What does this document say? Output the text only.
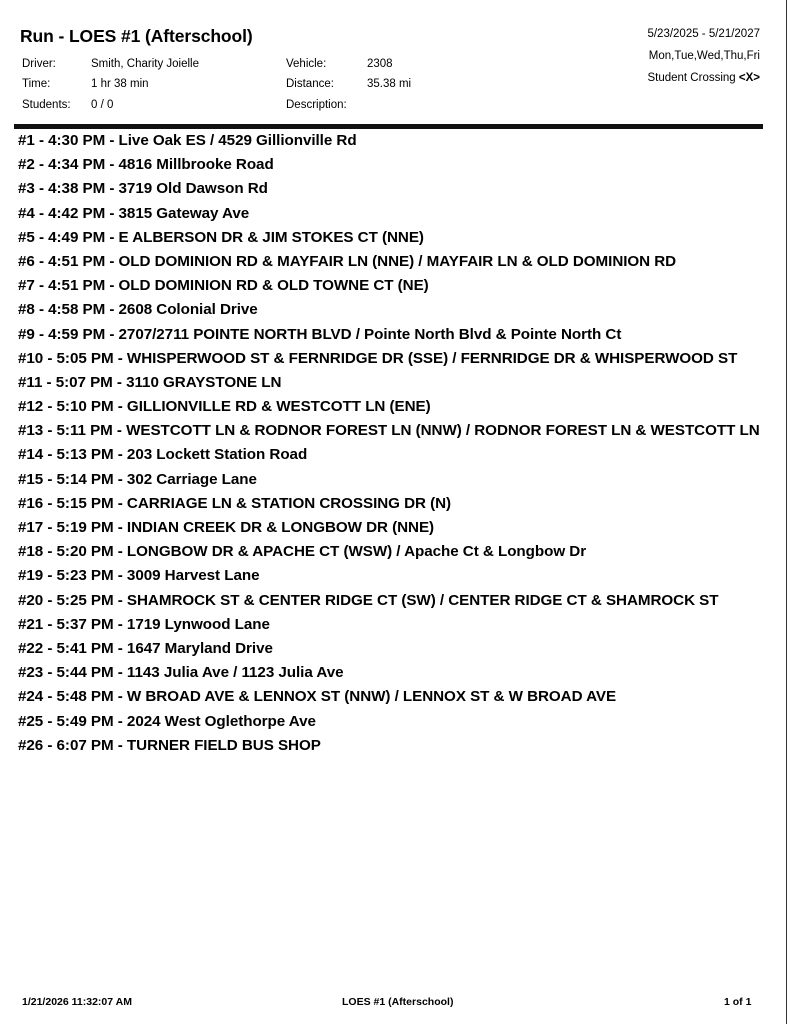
Run - LOES #1 (Afterschool)
Driver:	Smith, Charity Joielle
Time:	1 hr 38 min
Students: 0 / 0
Vehicle:	2308
Distance:	35.38 mi
Description:
5/23/2025 - 5/21/2027
Mon,Tue,Wed,Thu,Fri
Student Crossing <X>
#1 - 4:30 PM - Live Oak ES / 4529 Gillionville Rd
#2 - 4:34 PM - 4816 Millbrooke Road
#3 - 4:38 PM - 3719 Old Dawson Rd
#4 - 4:42 PM - 3815 Gateway Ave
#5 - 4:49 PM - E ALBERSON DR & JIM STOKES CT (NNE)
#6 - 4:51 PM - OLD DOMINION RD & MAYFAIR LN (NNE) / MAYFAIR LN & OLD DOMINION RD
#7 - 4:51 PM - OLD DOMINION RD & OLD TOWNE CT (NE)
#8 - 4:58 PM - 2608 Colonial Drive
#9 - 4:59 PM - 2707/2711 POINTE NORTH BLVD / Pointe North Blvd & Pointe North Ct
#10 - 5:05 PM - WHISPERWOOD ST & FERNRIDGE DR (SSE) / FERNRIDGE DR & WHISPERWOOD ST
#11 - 5:07 PM - 3110 GRAYSTONE LN
#12 - 5:10 PM - GILLIONVILLE RD & WESTCOTT LN (ENE)
#13 - 5:11 PM - WESTCOTT LN & RODNOR FOREST LN (NNW) / RODNOR FOREST LN & WESTCOTT LN
#14 - 5:13 PM - 203 Lockett Station Road
#15 - 5:14 PM - 302 Carriage Lane
#16 - 5:15 PM - CARRIAGE LN & STATION CROSSING DR (N)
#17 - 5:19 PM - INDIAN CREEK DR & LONGBOW DR (NNE)
#18 - 5:20 PM - LONGBOW DR & APACHE CT (WSW) / Apache Ct & Longbow Dr
#19 - 5:23 PM - 3009 Harvest Lane
#20 - 5:25 PM - SHAMROCK ST & CENTER RIDGE CT (SW) / CENTER RIDGE CT & SHAMROCK ST
#21 - 5:37 PM - 1719 Lynwood Lane
#22 - 5:41 PM - 1647 Maryland Drive
#23 - 5:44 PM - 1143 Julia Ave / 1123 Julia Ave
#24 - 5:48 PM - W BROAD AVE & LENNOX ST (NNW) / LENNOX ST & W BROAD AVE
#25 - 5:49 PM - 2024 West Oglethorpe Ave
#26 - 6:07 PM - TURNER FIELD BUS SHOP
1/21/2026 11:32:07 AM	LOES #1 (Afterschool)	1 of 1
